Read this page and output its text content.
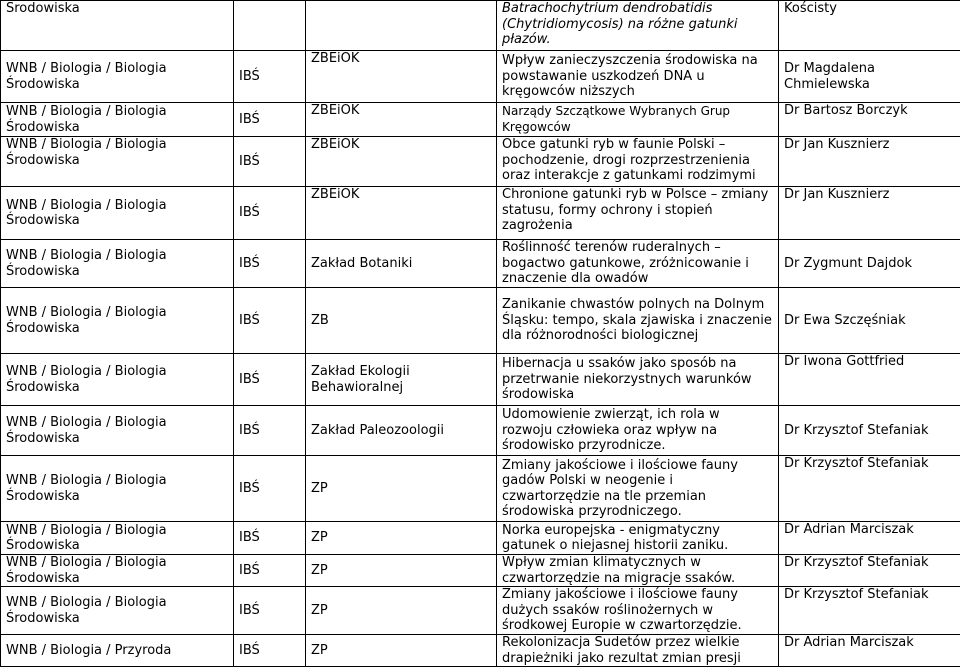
Środowiska			Batrachochytrium dendrobatidis (Chytridiomycosis) na różne gatunki płazów.	Kościsty
WNB / Biologia / Biologia Środowiska	IBŚ	ZBEiOK	Wpływ zanieczyszczenia środowiska na powstawanie uszkodzeń DNA u kręgowców niższych	Dr Magdalena Chmielewska
WNB / Biologia / Biologia Środowiska	IBŚ	ZBEiOK	Narządy Szczątkowe Wybranych Grup Kręgowców	Dr Bartosz Borczyk
WNB / Biologia / Biologia Środowiska	IBŚ	ZBEiOK	Obce gatunki ryb w faunie Polski – pochodzenie, drogi rozprzestrzenienia oraz interakcje z gatunkami rodzimymi	Dr Jan Kusznierz
WNB / Biologia / Biologia Środowiska	IBŚ	ZBEiOK	Chronione gatunki ryb w Polsce – zmiany statusu, formy ochrony i stopień zagrożenia	Dr Jan Kusznierz
WNB / Biologia / Biologia Środowiska	IBŚ	Zakład Botaniki	Roślinność terenów ruderalnych – bogactwo gatunkowe, zróżnicowanie i znaczenie dla owadów	Dr Zygmunt Dajdok
WNB / Biologia / Biologia Środowiska	IBŚ	ZB	Zanikanie chwastów polnych na Dolnym Śląsku: tempo, skala zjawiska i znaczenie dla różnorodności biologicznej	Dr Ewa Szczęśniak
WNB / Biologia / Biologia Środowiska	IBŚ	Zakład Ekologii Behawioralnej	Hibernacja u ssaków jako sposób na przetrwanie niekorzystnych warunków środowiska	Dr Iwona Gottfried
WNB / Biologia / Biologia Środowiska	IBŚ	Zakład Paleozoologii	Udomowienie zwierząt, ich rola w rozwoju człowieka oraz wpływ na środowisko przyrodnicze.	Dr Krzysztof Stefaniak
WNB / Biologia / Biologia Środowiska	IBŚ	ZP	Zmiany jakościowe i ilościowe fauny gadów Polski w neogenie i czwartorzędzie na tle przemian środowiska przyrodniczego.	Dr Krzysztof Stefaniak
WNB / Biologia / Biologia Środowiska	IBŚ	ZP	Norka europejska - enigmatyczny gatunek o niejasnej historii zaniku.	Dr Adrian Marciszak
WNB / Biologia / Biologia Środowiska	IBŚ	ZP	Wpływ zmian klimatycznych w czwartorzędzie na migracje ssaków.	Dr Krzysztof Stefaniak
WNB / Biologia / Biologia Środowiska	IBŚ	ZP	Zmiany jakościowe i ilościowe fauny dużych ssaków roślinożernych w środkowej Europie w czwartorzędzie.	Dr Krzysztof Stefaniak
WNB / Biologia / Przyroda	IBŚ	ZP	Rekolonizacja Sudetów przez wielkie drapieżniki jako rezultat zmian presji	Dr Adrian Marciszak
